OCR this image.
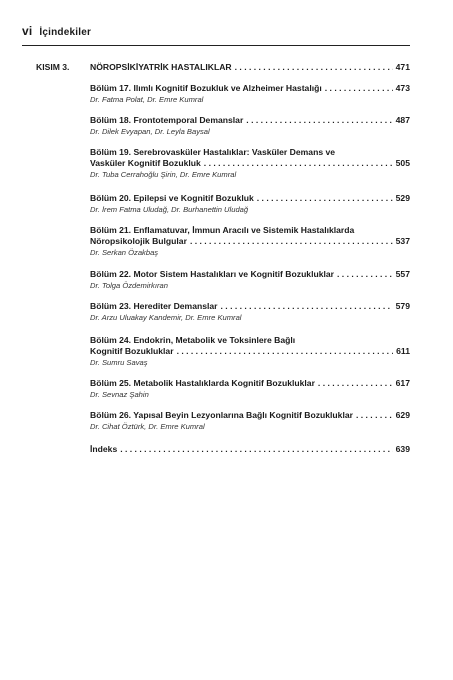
vi İçindekiler
KISIM 3. NÖROPSİKİYATRİK HASTALIKLAR . . .	471
Bölüm 17. Ilımlı Kognitif Bozukluk ve Alzheimer Hastalığı . . .	473
Dr. Fatma Polat, Dr. Emre Kumral
Bölüm 18. Frontotemporal Demanslar . . .	487
Dr. Dilek Evyapan, Dr. Leyla Baysal
Bölüm 19. Serebrovasküler Hastalıklar: Vasküler Demans ve
Vasküler Kognitif Bozukluk . . .	505
Dr. Tuba Cerrahoğlu Şirin, Dr. Emre Kumral
Bölüm 20. Epilepsi ve Kognitif Bozukluk . . .	529
Dr. İrem Fatma Uludağ, Dr. Burhanettin Uludağ
Bölüm 21. Enflamatuvar, İmmun Aracılı ve Sistemik Hastalıklarda
Nöropsikolojik Bulgular . . .	537
Dr. Serkan Özakbaş
Bölüm 22. Motor Sistem Hastalıkları ve Kognitif Bozukluklar . . .	557
Dr. Tolga Özdemirkıran
Bölüm 23. Herediter Demanslar . . .	579
Dr. Arzu Uluakay Kandemir, Dr. Emre Kumral
Bölüm 24. Endokrin, Metabolik ve Toksinlere Bağlı
Kognitif Bozukluklar . . .	611
Dr. Sumru Savaş
Bölüm 25. Metabolik Hastalıklarda Kognitif Bozukluklar . . .	617
Dr. Sevnaz Şahin
Bölüm 26. Yapısal Beyin Lezyonlarına Bağlı Kognitif Bozukluklar . . .	629
Dr. Cihat Öztürk, Dr. Emre Kumral
İndeks . . .	639
